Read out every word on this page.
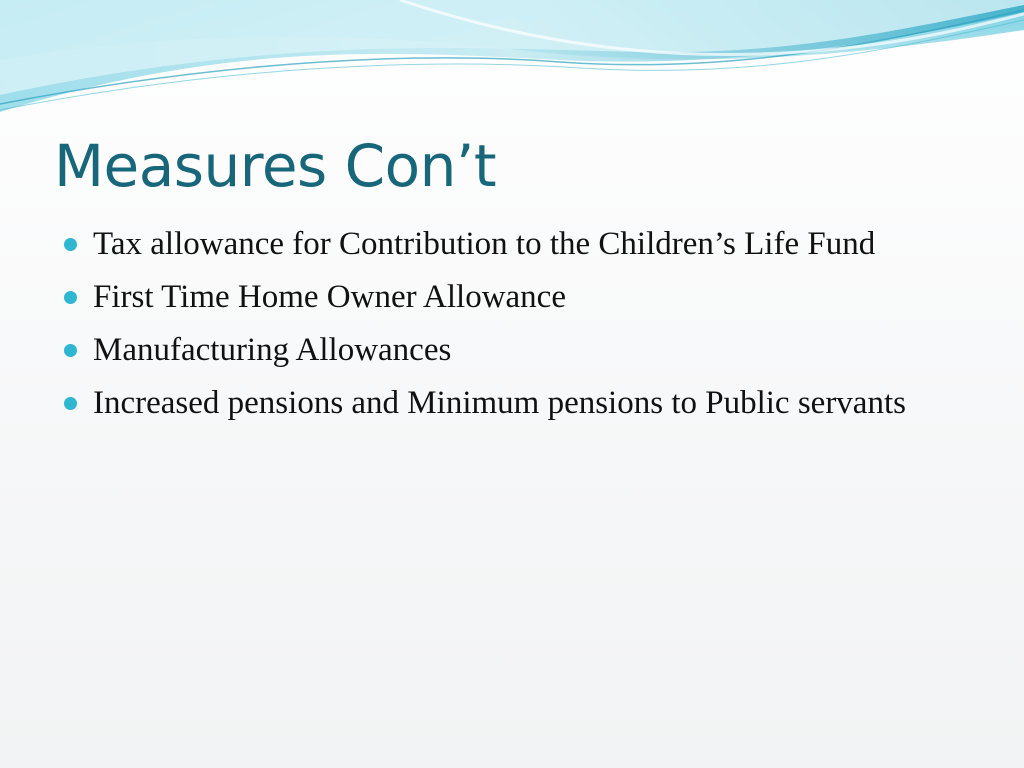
Measures Con’t
Tax allowance for Contribution to the Children’s Life Fund
First Time Home Owner Allowance
Manufacturing Allowances
Increased pensions and Minimum pensions to Public servants
